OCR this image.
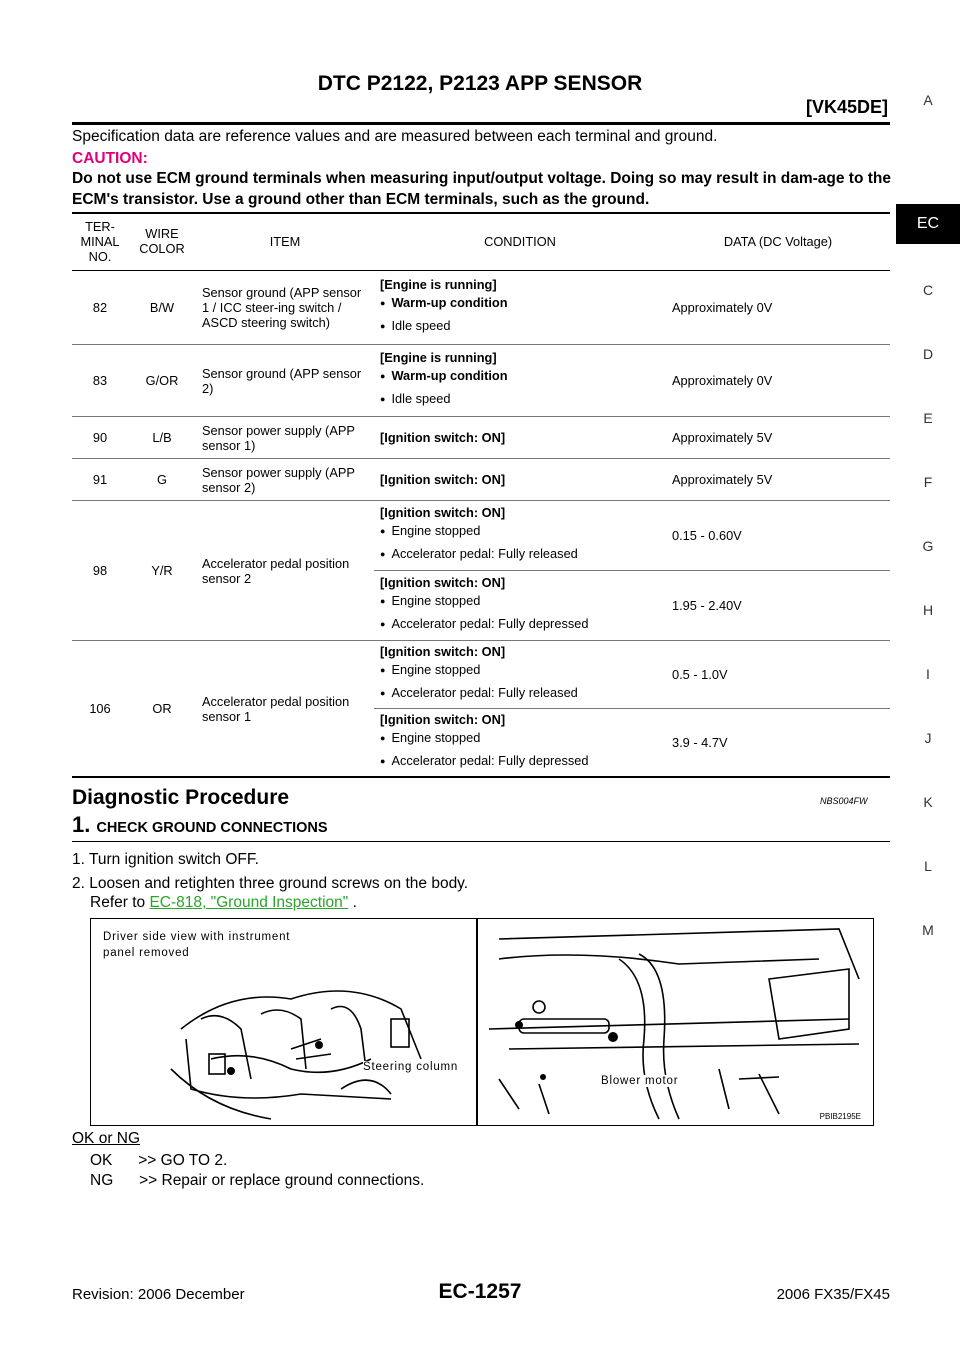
DTC P2122, P2123 APP SENSOR
[VK45DE]
Specification data are reference values and are measured between each terminal and ground.
CAUTION:
Do not use ECM ground terminals when measuring input/output voltage. Doing so may result in dam-age to the ECM's transistor. Use a ground other than ECM terminals, such as the ground.
EC
A
C
D
E
F
G
H
I
J
K
L
M
TER-MINAL NO.	WIRE COLOR	ITEM	CONDITION	DATA (DC Voltage)
82	B/W	Sensor ground (APP sensor 1 / ICC steer-ing switch / ASCD steering switch)	[Engine is running]
● Warm-up condition
● Idle speed	Approximately 0V
83	G/OR	Sensor ground (APP sensor 2)	[Engine is running]
● Warm-up condition
● Idle speed	Approximately 0V
90	L/B	Sensor power supply (APP sensor 1)	[Ignition switch: ON]	Approximately 5V
91	G	Sensor power supply (APP sensor 2)	[Ignition switch: ON]	Approximately 5V
98	Y/R	Accelerator pedal position sensor 2	[Ignition switch: ON]
● Engine stopped
● Accelerator pedal: Fully released	0.15 - 0.60V

			[Ignition switch: ON]
● Engine stopped
● Accelerator pedal: Fully depressed	1.95 - 2.40V
106	OR	Accelerator pedal position sensor 1	[Ignition switch: ON]
● Engine stopped
● Accelerator pedal: Fully released	0.5 - 1.0V

			[Ignition switch: ON]
● Engine stopped
● Accelerator pedal: Fully depressed	3.9 - 4.7V
Diagnostic Procedure	NBS004FW
1. CHECK GROUND CONNECTIONS
1. Turn ignition switch OFF.
2. Loosen and retighten three ground screws on the body.
Refer to EC-818, "Ground Inspection" .
Driver side view with instrument
panel removed
Steering column
Blower motor
PBIB2195E
OK or NG
OK      >> GO TO 2.
NG      >> Repair or replace ground connections.
Revision: 2006 December	EC-1257	2006 FX35/FX45
